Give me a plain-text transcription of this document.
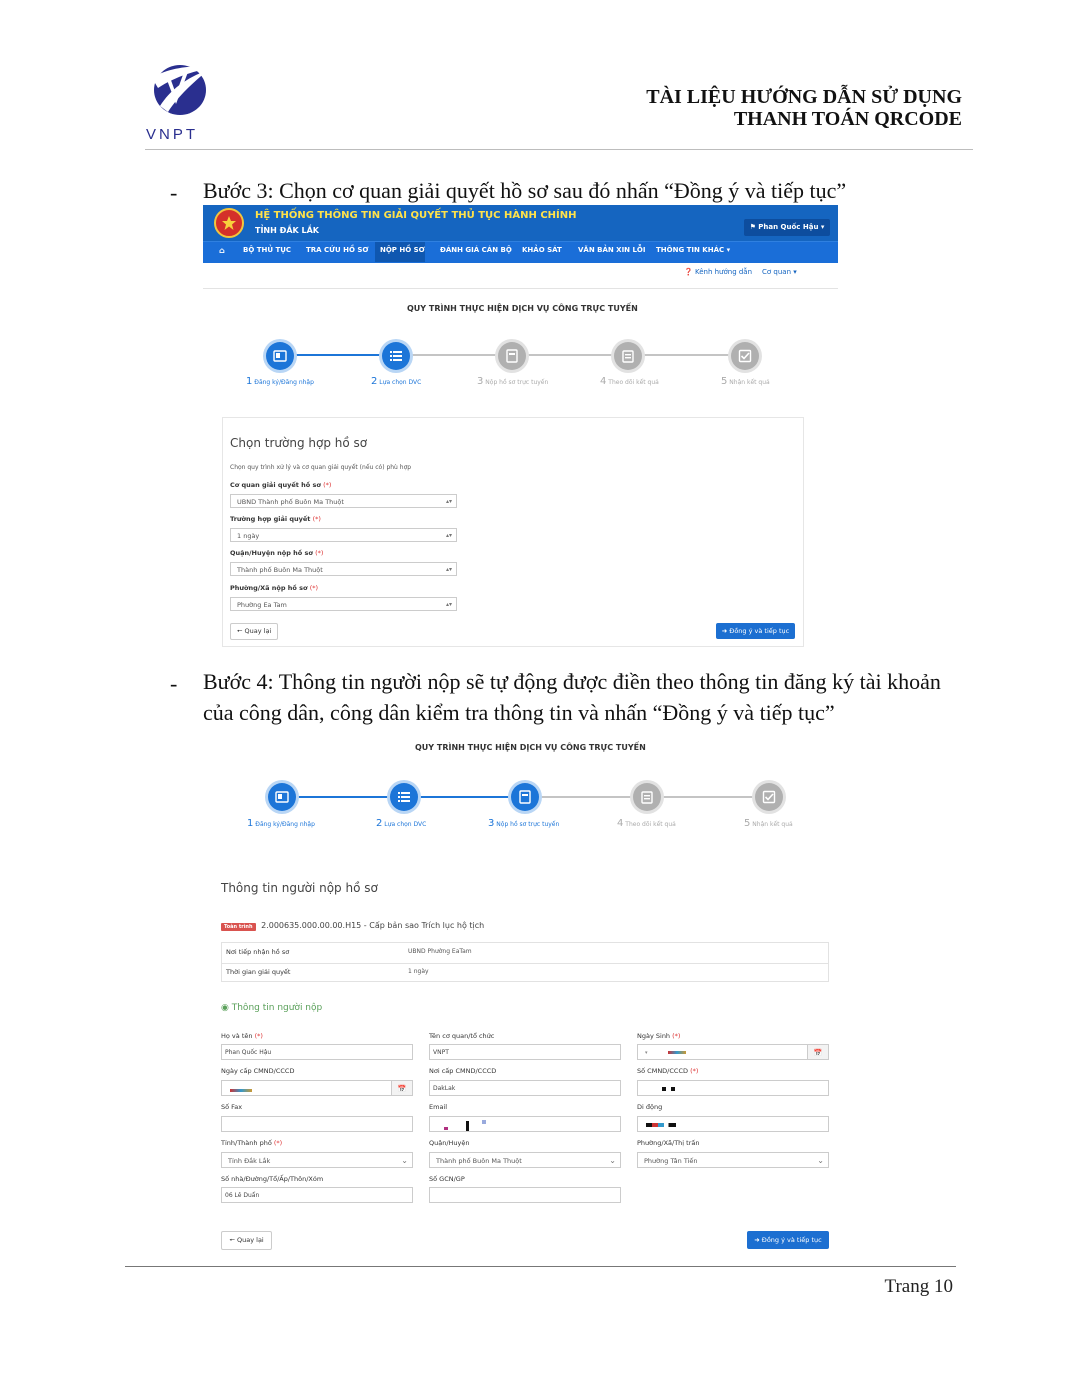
VNPT
TÀI LIỆU HƯỚNG DẪN SỬ DỤNG
THANH TOÁN QRCODE
- Bước 3: Chọn cơ quan giải quyết hồ sơ sau đó nhấn “Đồng ý và tiếp tục”
HỆ THỐNG THÔNG TIN GIẢI QUYẾT THỦ TỤC HÀNH CHÍNH
TỈNH ĐẮK LẮK	⚑ Phan Quốc Hậu ▾
⌂	BỘ THỦ TỤC TRA CỨU HỒ SƠ NỘP HỒ SƠ ĐÁNH GIÁ CÁN BỘ KHẢO SÁT VĂN BẢN XIN LỖI THÔNG TIN KHÁC ▾
❓ Kênh hướng dẫn Cơ quan ▾
QUY TRÌNH THỰC HIỆN DỊCH VỤ CÔNG TRỰC TUYẾN
1 Đăng ký/Đăng nhập	2 Lựa chọn DVC	3 Nộp hồ sơ trực tuyến	4 Theo dõi kết quả	5 Nhận kết quả
Chọn trường hợp hồ sơ
Chọn quy trình xử lý và cơ quan giải quyết (nếu có) phù hợp
Cơ quan giải quyết hồ sơ (*)
UBND Thành phố Buôn Ma Thuột	▴▾
Trường hợp giải quyết (*)
1 ngày	▴▾
Quận/Huyện nộp hồ sơ (*)
Thành phố Buôn Ma Thuột	▴▾
Phường/Xã nộp hồ sơ (*)
Phường Ea Tam	▴▾
🠔 Quay lại	➜ Đồng ý và tiếp tục
- Bước 4: Thông tin người nộp sẽ tự động được điền theo thông tin đăng ký tài khoản
của công dân, công dân kiểm tra thông tin và nhấn “Đồng ý và tiếp tục”
QUY TRÌNH THỰC HIỆN DỊCH VỤ CÔNG TRỰC TUYẾN
1 Đăng ký/Đăng nhập	2 Lựa chọn DVC	3 Nộp hồ sơ trực tuyến	4 Theo dõi kết quả	5 Nhận kết quả
Thông tin người nộp hồ sơ
Toàn trình 2.000635.000.00.00.H15 - Cấp bản sao Trích lục hộ tịch
Nơi tiếp nhận hồ sơ	UBND Phường EaTam
Thời gian giải quyết	1 ngày
◉ Thông tin người nộp
Họ và tên (*)
Phan Quốc Hậu
Tên cơ quan/tổ chức
VNPT
Ngày Sinh (*)
▾	📅
Ngày cấp CMND/CCCD
📅
Nơi cấp CMND/CCCD
DakLak
Số CMND/CCCD (*)
Số Fax	Email	Di động
Tỉnh/Thành phố (*)
Tỉnh Đắk Lắk	⌄
Quận/Huyện
Thành phố Buôn Ma Thuột	⌄
Phường/Xã/Thị trấn
Phường Tân Tiến	⌄
Số nhà/Đường/Tổ/Ấp/Thôn/Xóm
06 Lê Duẩn
Số GCN/GP
🠔 Quay lại	➜ Đồng ý và tiếp tục
Trang 10
